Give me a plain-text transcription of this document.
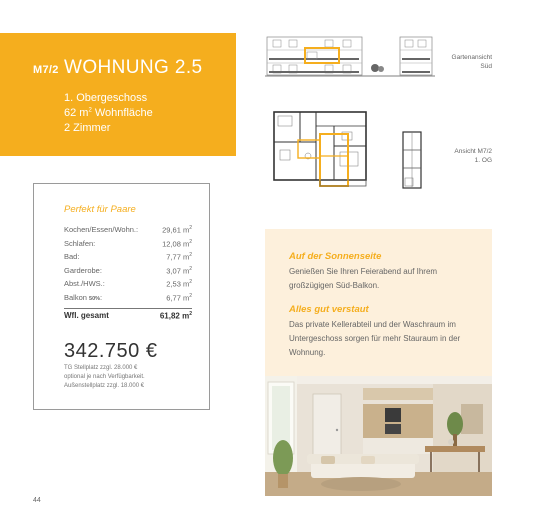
M7/2 WOHNUNG 2.5
1. Obergeschoss
62 $m^2$ Wohnfläche
2 Zimmer
Gartenansicht
Süd
Ansicht M7/2
1. OG
Perfekt für Paare
Kochen/Essen/Wohn.:	29,61 $m^2$
Schlafen:	12,08 $m^2$
Bad:	7,77 $m^2$
Garderobe:	3,07 $m^2$
Abst./HWS.:	2,53 $m^2$
Balkon 50%:	6,77 $m^2$
Wfl. gesamt	61,82 $m^2$
342.750 €
TG Stellplatz zzgl. 28.000 €
optional je nach Verfügbarkeit.
Außenstellplatz zzgl. 18.000 €
Auf der Sonnenseite
Genießen Sie Ihren Feierabend auf Ihrem großzügigen Süd-Balkon.
Alles gut verstaut
Das private Kellerabteil und der Waschraum im Untergeschoss sorgen für mehr Stauraum in der Wohnung.
44
